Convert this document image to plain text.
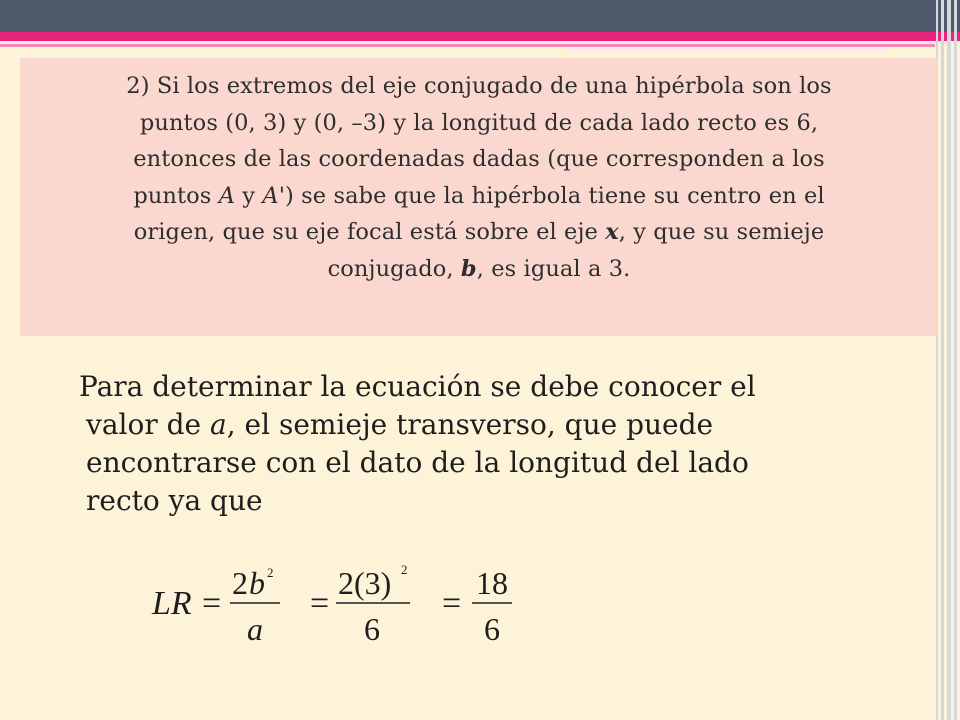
2) Si los extremos del eje conjugado de una hipérbola son los
puntos (0, 3) y (0, –3) y la longitud de cada lado recto es 6,
entonces de las coordenadas dadas (que corresponden a los
puntos A y A') se sabe que la hipérbola tiene su centro en el
origen, que su eje focal está sobre el eje x, y que su semieje
conjugado, b, es igual a 3.

Para determinar la ecuación se debe conocer el
valor de a, el semieje transverso, que puede
encontrarse con el dato de la longitud del lado
recto ya que
LR =
2 b 2
a
=
2(3) 2
6
=
18
6
